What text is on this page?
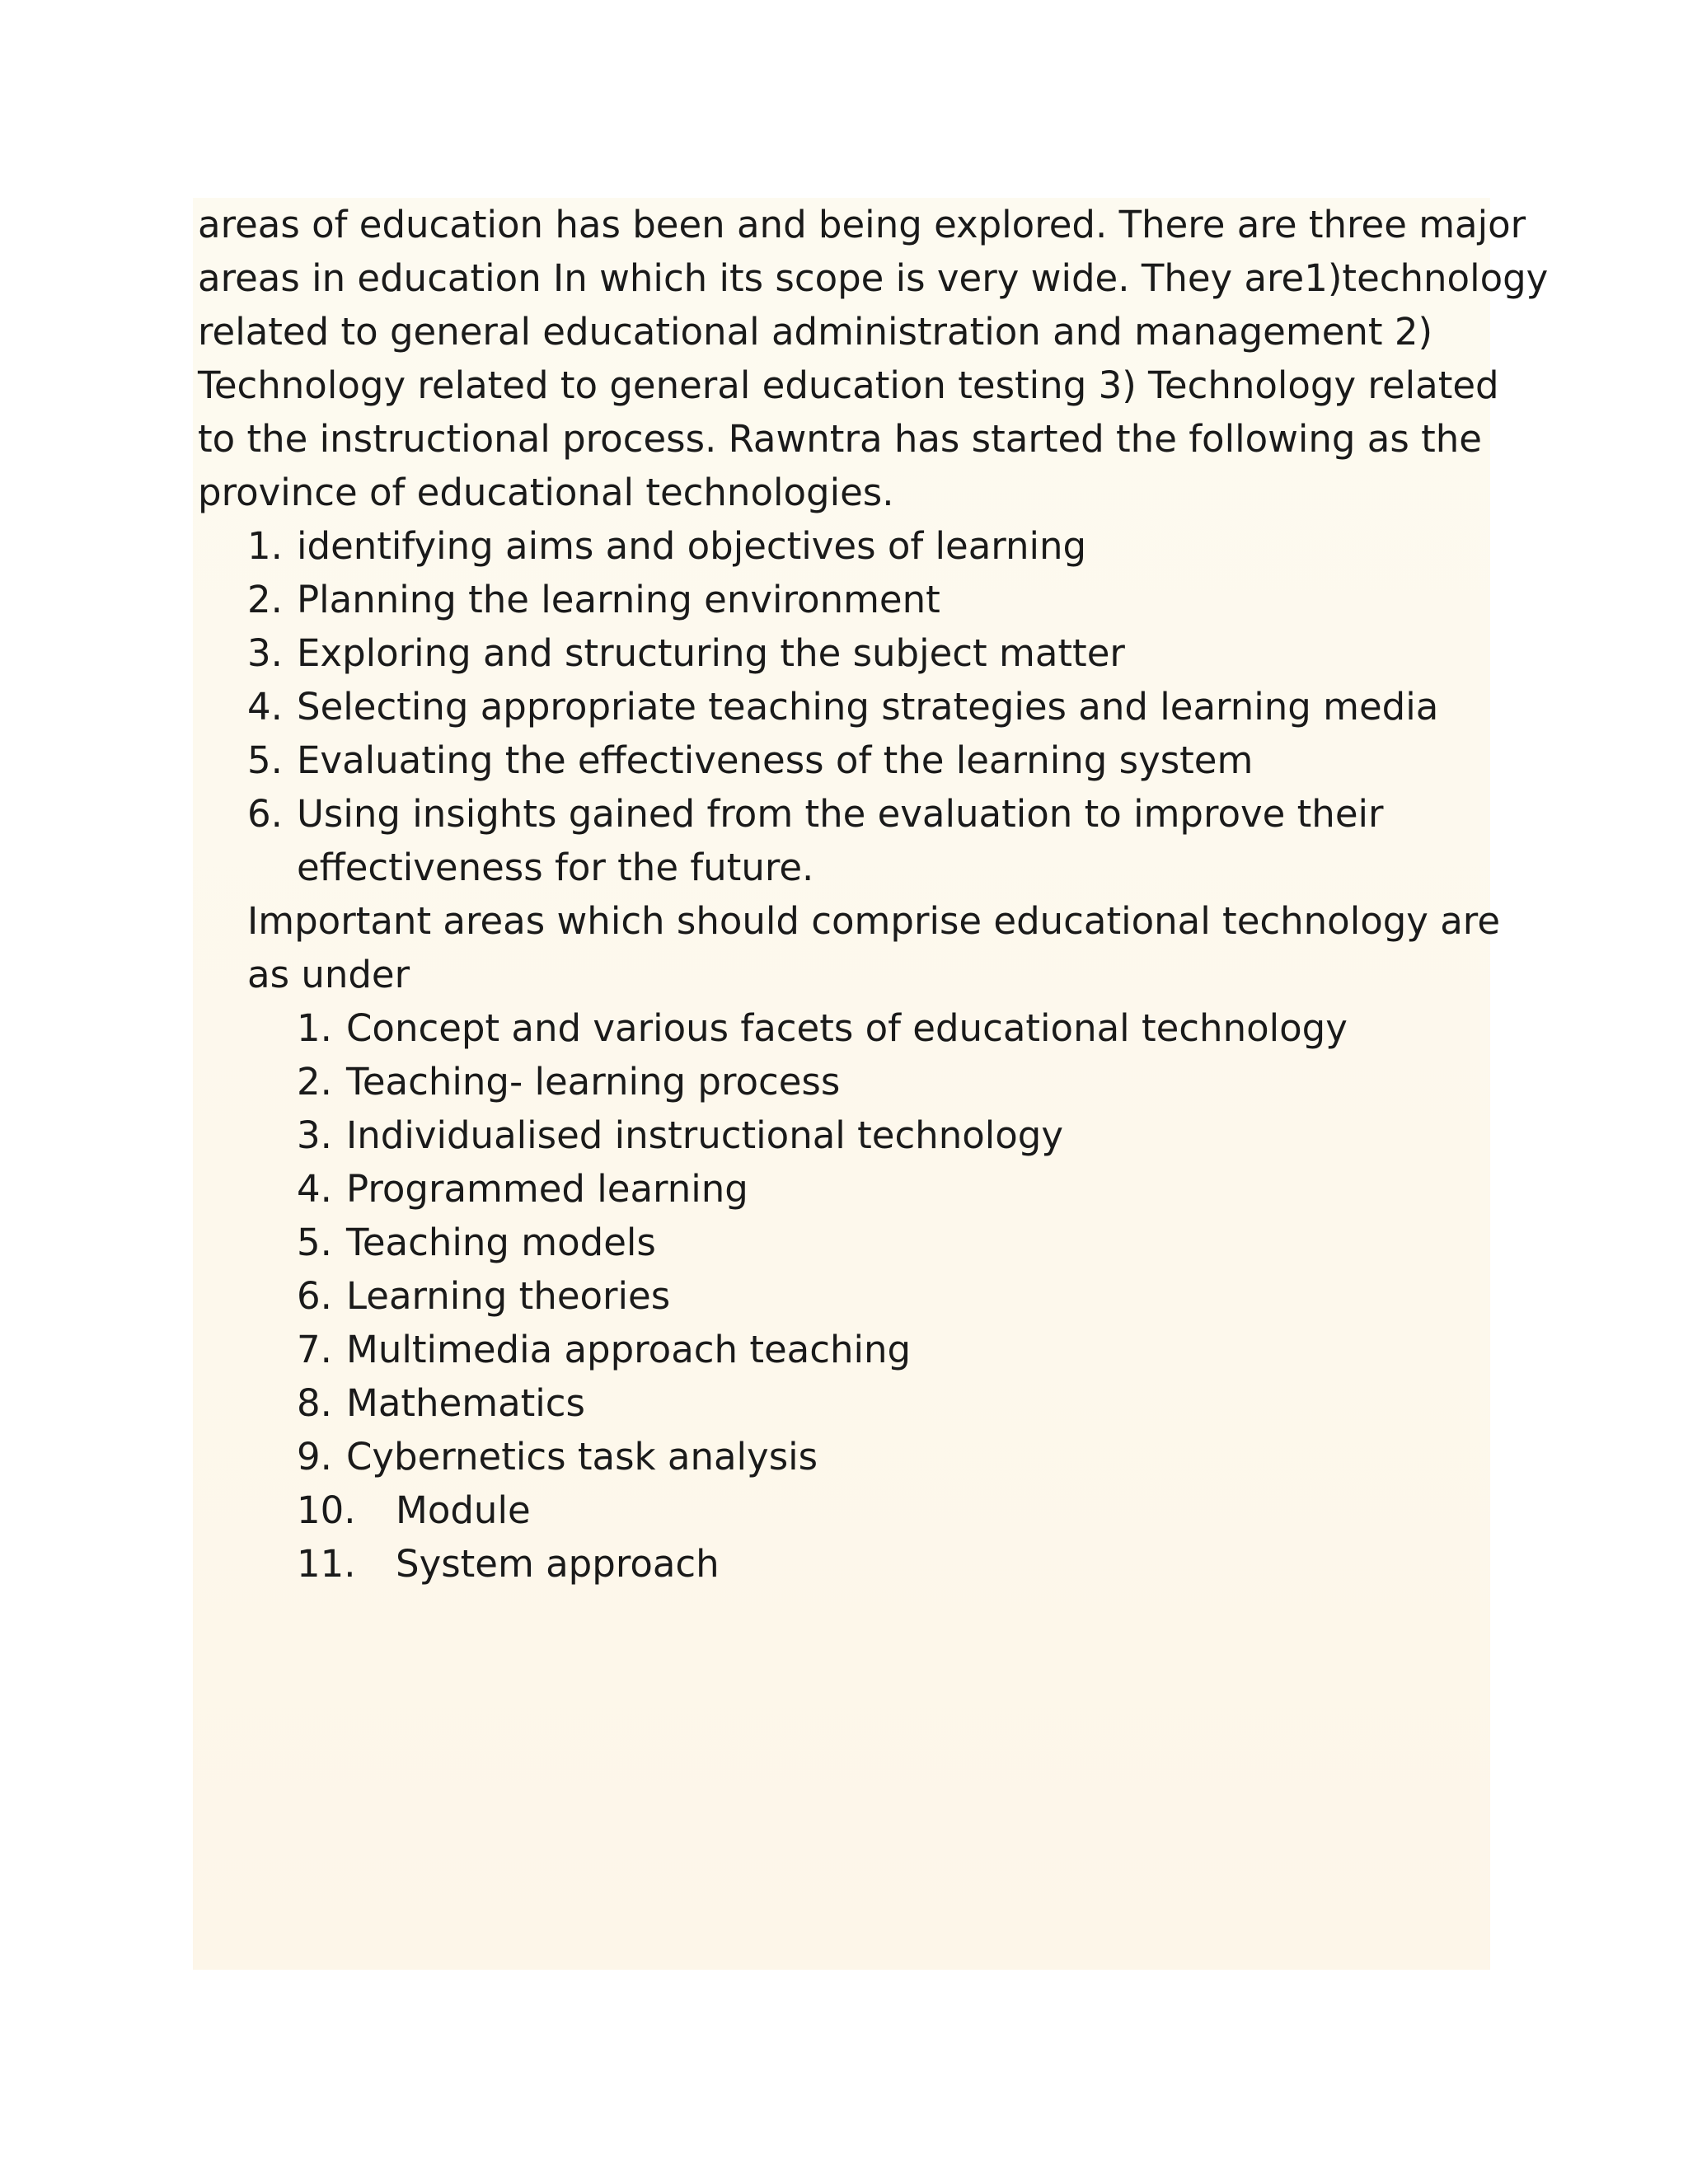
areas of education has been and being explored. There are three major
areas in education In which its scope is very wide. They are1)technology
related to general educational administration and management 2)
Technology related to general education testing 3) Technology related
to the instructional process. Rawntra has started the following as the
province of educational technologies.

1. identifying aims and objectives of learning
2. Planning the learning environment
3. Exploring and structuring the subject matter
4. Selecting appropriate teaching strategies and learning media
5. Evaluating the effectiveness of the learning system
6. Using insights gained from the evaluation to improve their
effectiveness for the future.

Important areas which should comprise educational technology are
as under

1. Concept and various facets of educational technology
2. Teaching- learning process
3. Individualised instructional technology
4. Programmed learning
5. Teaching models
6. Learning theories
7. Multimedia approach teaching
8. Mathematics
9. Cybernetics task analysis
10. Module
11. System approach
